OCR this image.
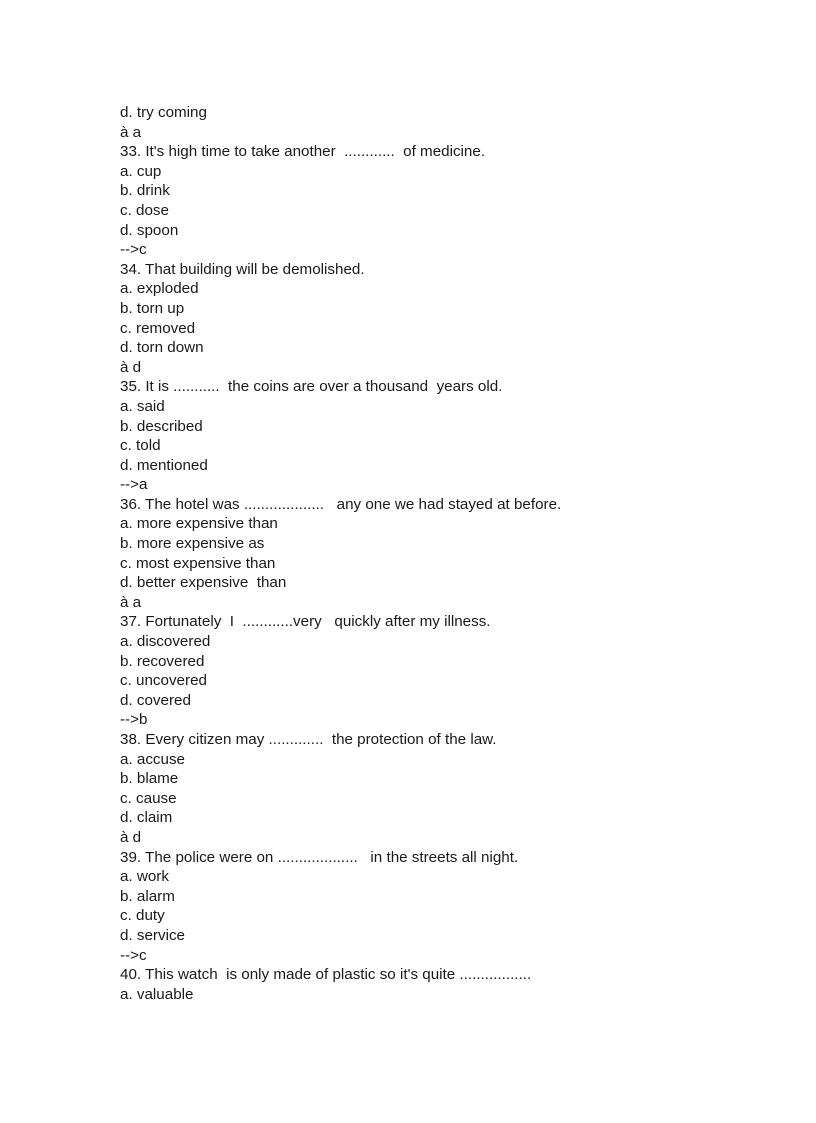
d. try coming
à a
33. It's high time to take another  ............  of medicine.
a. cup
b. drink
c. dose
d. spoon
-->c
34. That building will be demolished.
a. exploded
b. torn up
c. removed
d. torn down
à d
35. It is ...........  the coins are over a thousand  years old.
a. said
b. described
c. told
d. mentioned
-->a
36. The hotel was ...................   any one we had stayed at before.
a. more expensive than
b. more expensive as
c. most expensive than
d. better expensive  than
à a
37. Fortunately  I  ............very   quickly after my illness.
a. discovered
b. recovered
c. uncovered
d. covered
-->b
38. Every citizen may .............  the protection of the law.
a. accuse
b. blame
c. cause
d. claim
à d
39. The police were on ...................   in the streets all night.
a. work
b. alarm
c. duty
d. service
-->c
40. This watch  is only made of plastic so it's quite .................
a. valuable
